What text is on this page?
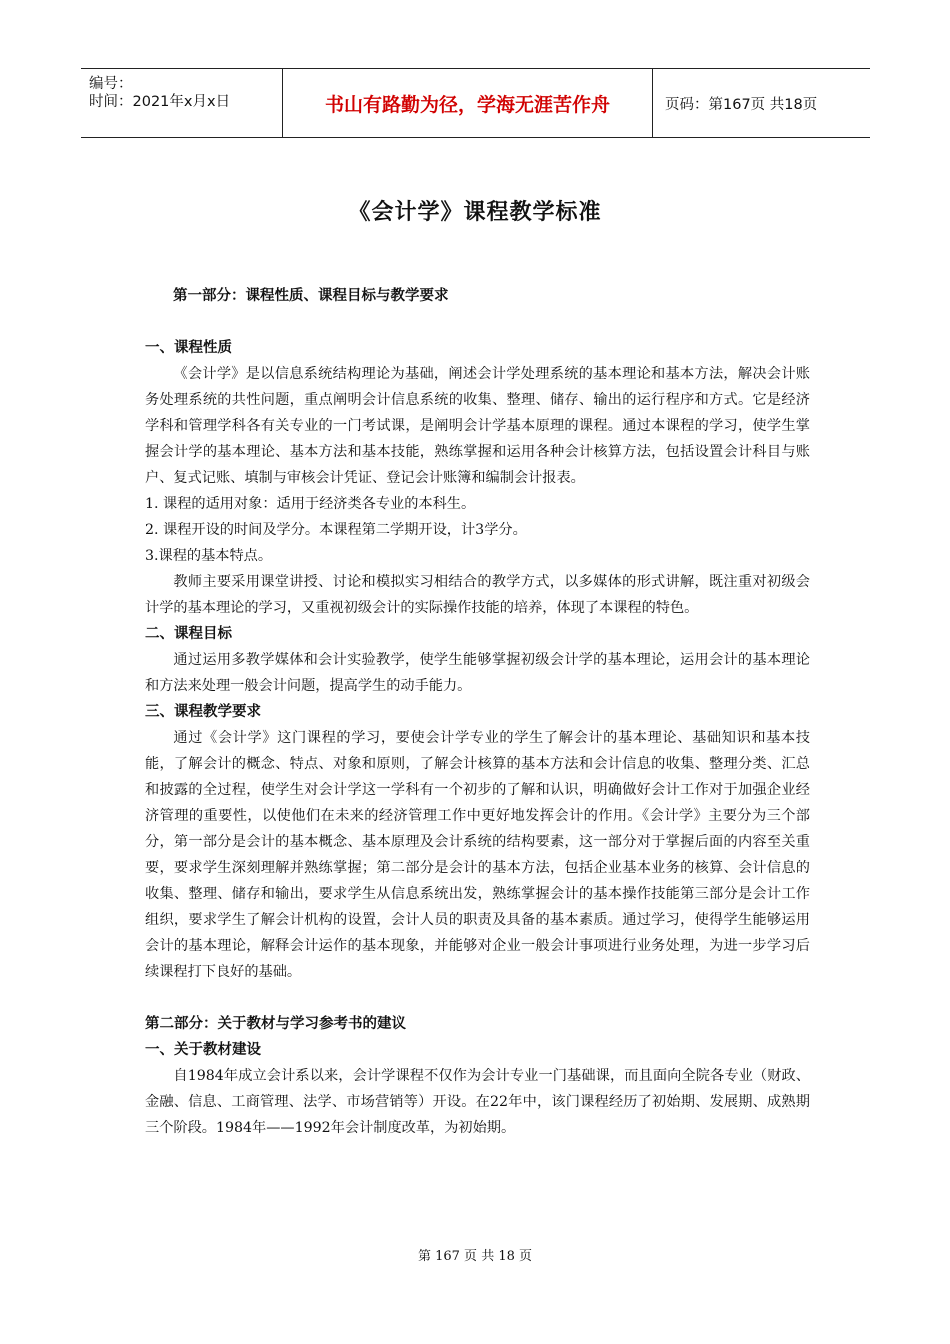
编号：
时间：2021年x月x日	书山有路勤为径，学海无涯苦作舟	页码：第167页 共18页
《会计学》课程教学标准
第一部分：课程性质、课程目标与教学要求
一、课程性质

《会计学》是以信息系统结构理论为基础，阐述会计学处理系统的基本理论和基本方法，解决会计账务处理系统的共性问题，重点阐明会计信息系统的收集、整理、储存、输出的运行程序和方式。它是经济学科和管理学科各有关专业的一门考试课，是阐明会计学基本原理的课程。通过本课程的学习，使学生掌握会计学的基本理论、基本方法和基本技能，熟练掌握和运用各种会计核算方法，包括设置会计科目与账户、复式记账、填制与审核会计凭证、登记会计账簿和编制会计报表。

1. 课程的适用对象：适用于经济类各专业的本科生。

2. 课程开设的时间及学分。本课程第二学期开设，计3学分。

3.课程的基本特点。

教师主要采用课堂讲授、讨论和模拟实习相结合的教学方式，以多媒体的形式讲解，既注重对初级会计学的基本理论的学习，又重视初级会计的实际操作技能的培养，体现了本课程的特色。

二、课程目标

通过运用多教学媒体和会计实验教学，使学生能够掌握初级会计学的基本理论，运用会计的基本理论和方法来处理一般会计问题，提高学生的动手能力。

三、课程教学要求

通过《会计学》这门课程的学习，要使会计学专业的学生了解会计的基本理论、基础知识和基本技能，了解会计的概念、特点、对象和原则，了解会计核算的基本方法和会计信息的收集、整理分类、汇总和披露的全过程，使学生对会计学这一学科有一个初步的了解和认识，明确做好会计工作对于加强企业经济管理的重要性，以使他们在未来的经济管理工作中更好地发挥会计的作用。《会计学》主要分为三个部分，第一部分是会计的基本概念、基本原理及会计系统的结构要素，这一部分对于掌握后面的内容至关重要，要求学生深刻理解并熟练掌握；第二部分是会计的基本方法，包括企业基本业务的核算、会计信息的收集、整理、储存和输出，要求学生从信息系统出发，熟练掌握会计的基本操作技能第三部分是会计工作组织，要求学生了解会计机构的设置，会计人员的职责及具备的基本素质。通过学习，使得学生能够运用会计的基本理论，解释会计运作的基本现象，并能够对企业一般会计事项进行业务处理，为进一步学习后续课程打下良好的基础。

第二部分：关于教材与学习参考书的建议
一、关于教材建设

自1984年成立会计系以来，会计学课程不仅作为会计专业一门基础课，而且面向全院各专业（财政、金融、信息、工商管理、法学、市场营销等）开设。在22年中，该门课程经历了初始期、发展期、成熟期三个阶段。1984年——1992年会计制度改革，为初始期。

第 167 页 共 18 页
